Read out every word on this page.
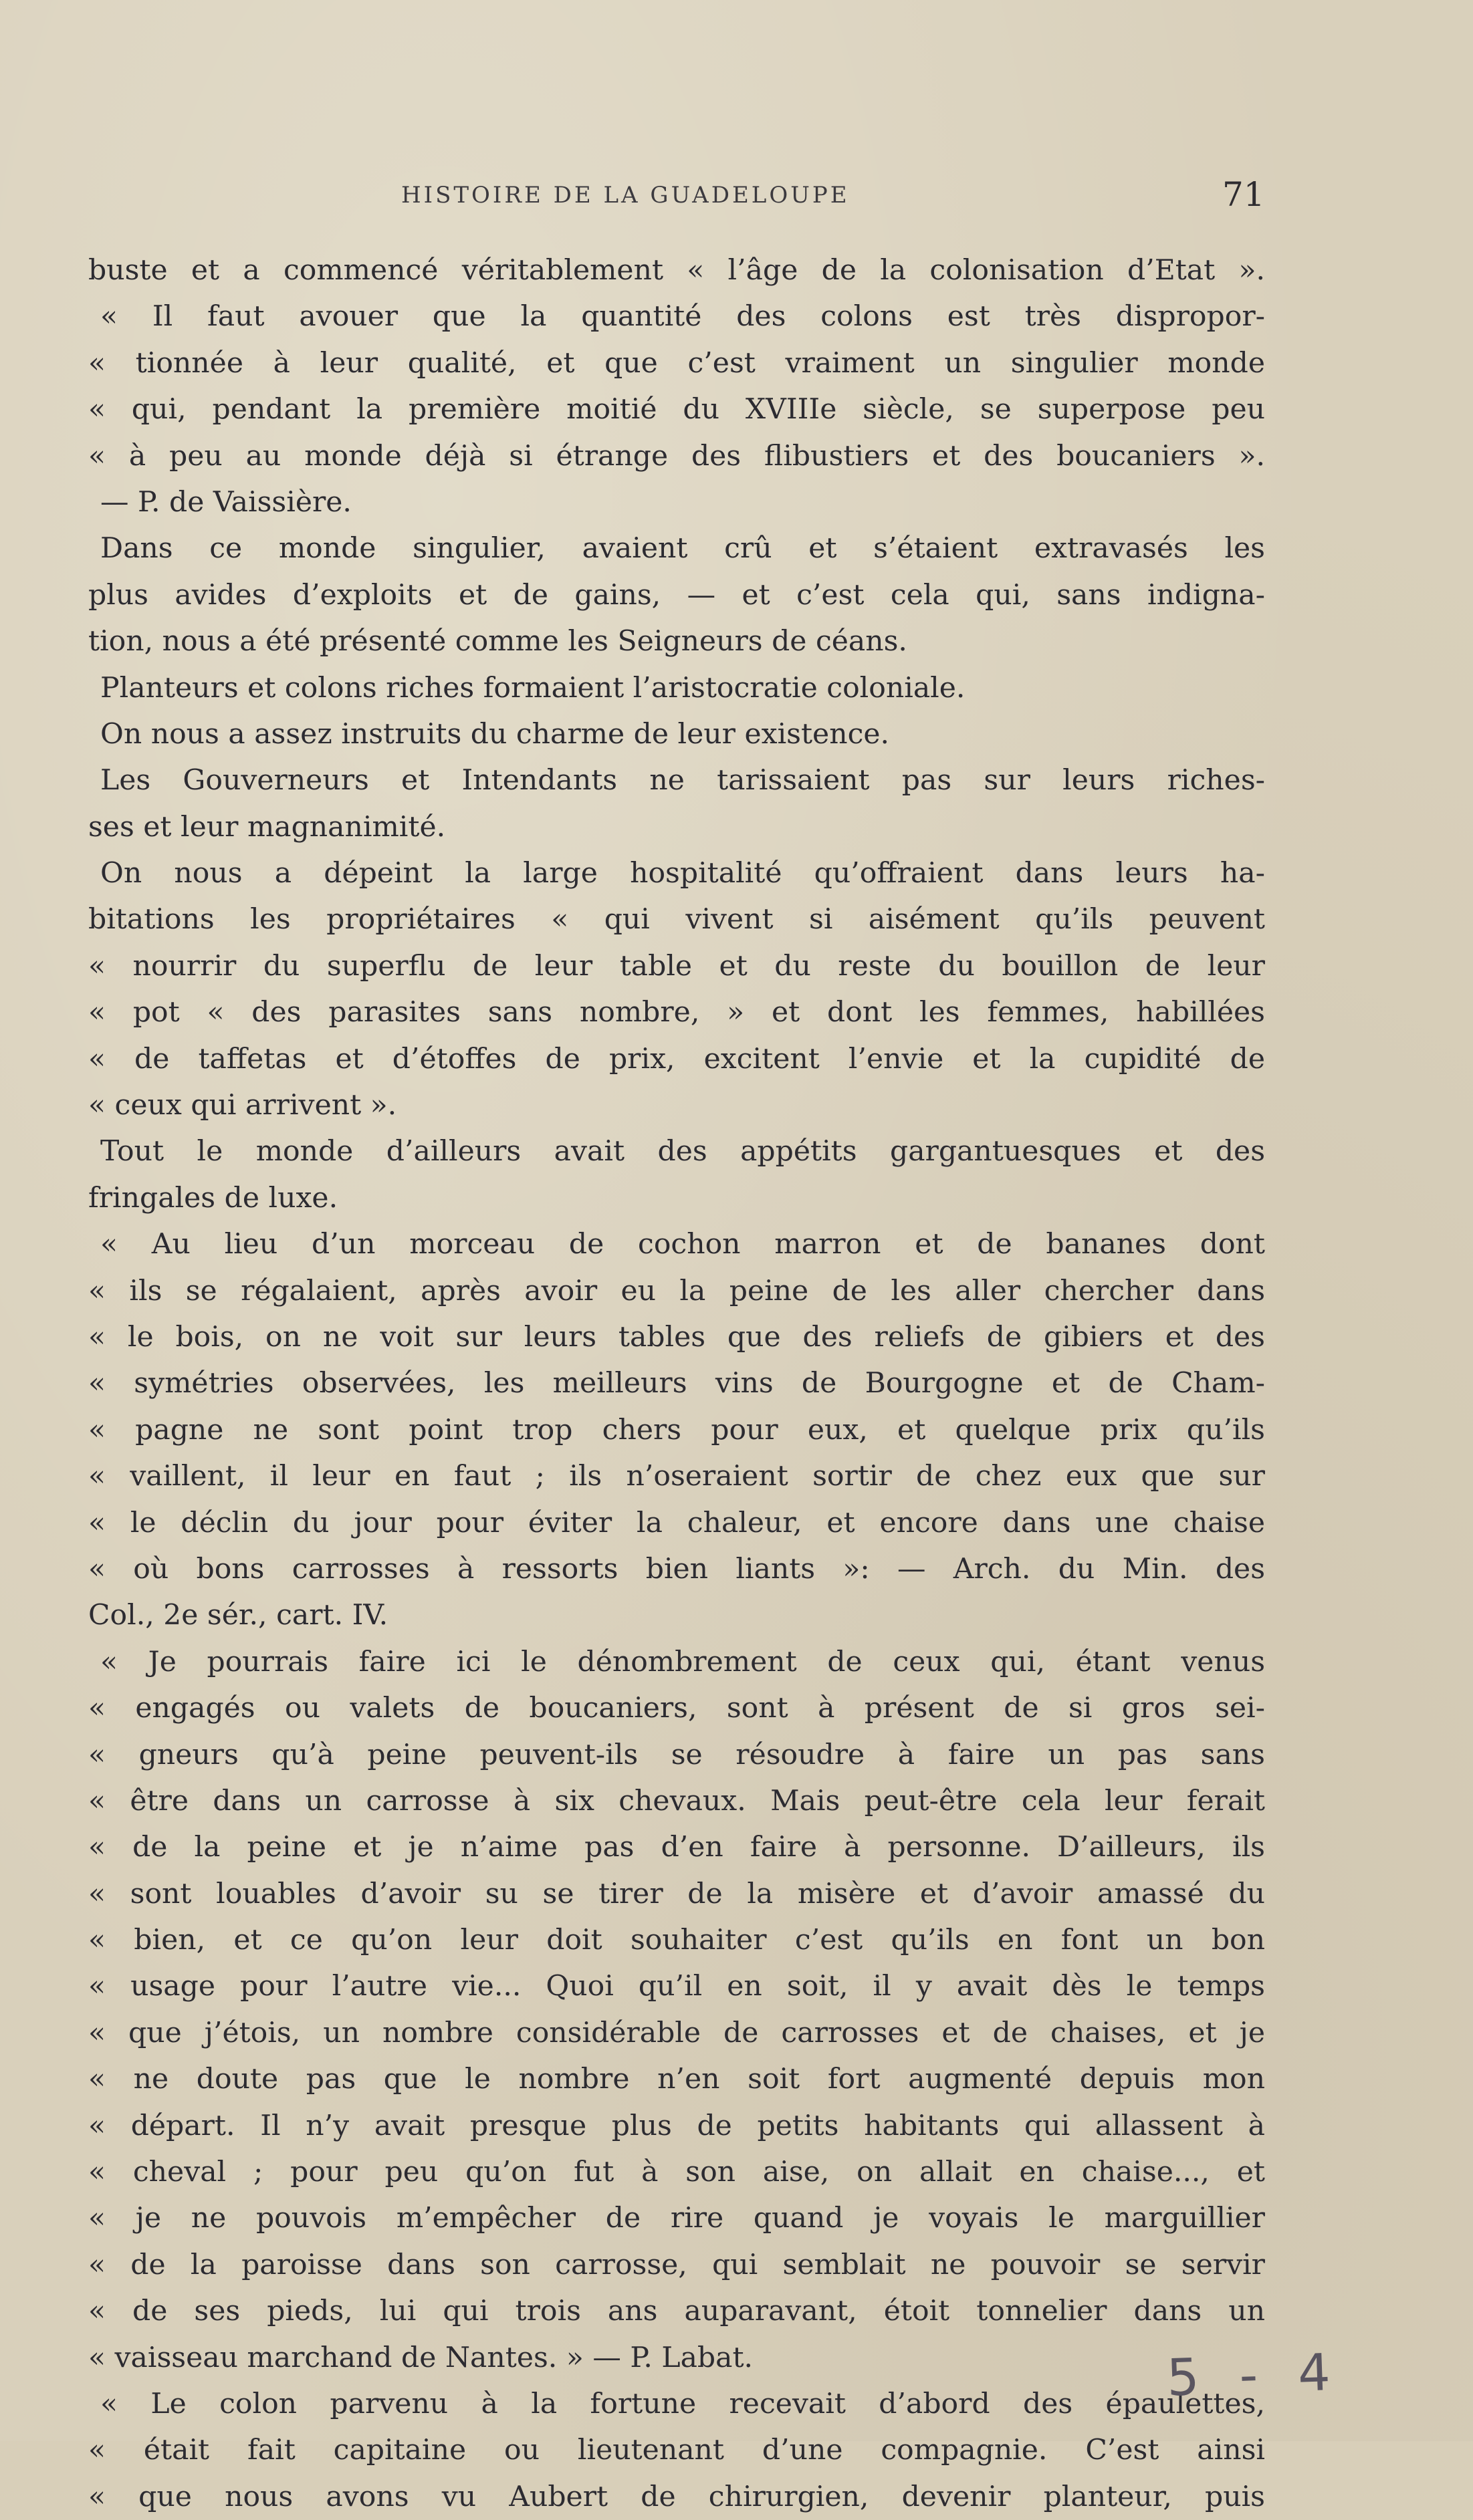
HISTOIRE DE LA GUADELOUPE	71
buste et a commencé véritablement « l’âge de la colonisation d’Etat ».
« Il faut avouer que la quantité des colons est très dispropor-
« tionnée à leur qualité, et que c’est vraiment un singulier monde
« qui, pendant la première moitié du XVIIIe siècle, se superpose peu
« à peu au monde déjà si étrange des flibustiers et des boucaniers ».
— P. de Vaissière.
Dans ce monde singulier, avaient crû et s’étaient extravasés les
plus avides d’exploits et de gains, — et c’est cela qui, sans indigna-
tion, nous a été présenté comme les Seigneurs de céans.
Planteurs et colons riches formaient l’aristocratie coloniale.
On nous a assez instruits du charme de leur existence.
Les Gouverneurs et Intendants ne tarissaient pas sur leurs riches-
ses et leur magnanimité.
On nous a dépeint la large hospitalité qu’offraient dans leurs ha-
bitations les propriétaires « qui vivent si aisément qu’ils peuvent
« nourrir du superflu de leur table et du reste du bouillon de leur
« pot « des parasites sans nombre, » et dont les femmes, habillées
« de taffetas et d’étoffes de prix, excitent l’envie et la cupidité de
« ceux qui arrivent ».
Tout le monde d’ailleurs avait des appétits gargantuesques et des
fringales de luxe.
« Au lieu d’un morceau de cochon marron et de bananes dont
« ils se régalaient, après avoir eu la peine de les aller chercher dans
« le bois, on ne voit sur leurs tables que des reliefs de gibiers et des
« symétries observées, les meilleurs vins de Bourgogne et de Cham-
« pagne ne sont point trop chers pour eux, et quelque prix qu’ils
« vaillent, il leur en faut ; ils n’oseraient sortir de chez eux que sur
« le déclin du jour pour éviter la chaleur, et encore dans une chaise
« où bons carrosses à ressorts bien liants »: — Arch. du Min. des
Col., 2e sér., cart. IV.
« Je pourrais faire ici le dénombrement de ceux qui, étant venus
« engagés ou valets de boucaniers, sont à présent de si gros sei-
« gneurs qu’à peine peuvent-ils se résoudre à faire un pas sans
« être dans un carrosse à six chevaux. Mais peut-être cela leur ferait
« de la peine et je n’aime pas d’en faire à personne. D’ailleurs, ils
« sont louables d’avoir su se tirer de la misère et d’avoir amassé du
« bien, et ce qu’on leur doit souhaiter c’est qu’ils en font un bon
« usage pour l’autre vie... Quoi qu’il en soit, il y avait dès le temps
« que j’étois, un nombre considérable de carrosses et de chaises, et je
« ne doute pas que le nombre n’en soit fort augmenté depuis mon
« départ. Il n’y avait presque plus de petits habitants qui allassent à
« cheval ; pour peu qu’on fut à son aise, on allait en chaise..., et
« je ne pouvois m’empêcher de rire quand je voyais le marguillier
« de la paroisse dans son carrosse, qui semblait ne pouvoir se servir
« de ses pieds, lui qui trois ans auparavant, étoit tonnelier dans un
« vaisseau marchand de Nantes. » — P. Labat.
« Le colon parvenu à la fortune recevait d’abord des épaulettes,
« était fait capitaine ou lieutenant d’une compagnie. C’est ainsi
« que nous avons vu Aubert de chirurgien, devenir planteur, puis
5 - 4
